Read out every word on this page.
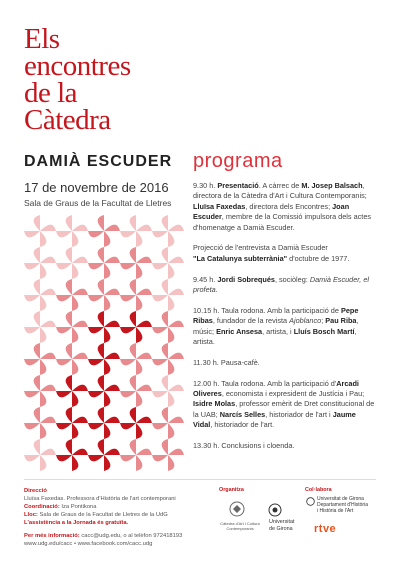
Els
encontres
de la
Càtedra
DAMIÀ ESCUDER
17 de novembre de 2016
Sala de Graus de la Facultat de Lletres
programa

9.30 h. Presentació. A càrrec de M. Josep Balsach, directora de la Càtedra d'Art i Cultura Contemporanis; Lluïsa Faxedas, directora dels Encontres; Joan Escuder, membre de la Comissió impulsora dels actes d'homenatge a Damià Escuder.

Projecció de l'entrevista a Damià Escuder
"La Catalunya subterrània" d'octubre de 1977.

9.45 h. Jordi Sobrequés, sociòleg: Damià Escuder, el profeta.

10.15 h. Taula rodona. Amb la participació de Pepe Ribas, fundador de la revista Ajoblanco; Pau Riba, músic; Enric Ansesa, artista, i Lluís Bosch Martí, artista.

11.30 h. Pausa-cafè.

12.00 h. Taula rodona. Amb la participació d'Arcadi Oliveres, economista i expresident de Justícia i Pau; Isidre Molas, professor emèrit de Dret constitucional de la UAB; Narcís Selles, historiador de l'art i Jaume Vidal, historiador de l'art.

13.30 h. Conclusions i cloenda.

Direcció
Lluïsa Faxedas. Professora d'Història de l'art contemporani
Coordinació: Iza Pontikona
Lloc: Sala de Graus de la Facultat de Lletres de la UdG
L'assistència a la Jornada és gratuïta.
Per més informació: cacc@udg.edu, o al telèfon 972418193
www.udg.edu/cacc • www.facebook.com/cacc.udg
Organitza
Càtedra d'Art i Cultura Contemporanis
Universitat
de Girona
Col·labora
Universitat de Girona
Departament d'Història
i Història de l'Art
rtve
